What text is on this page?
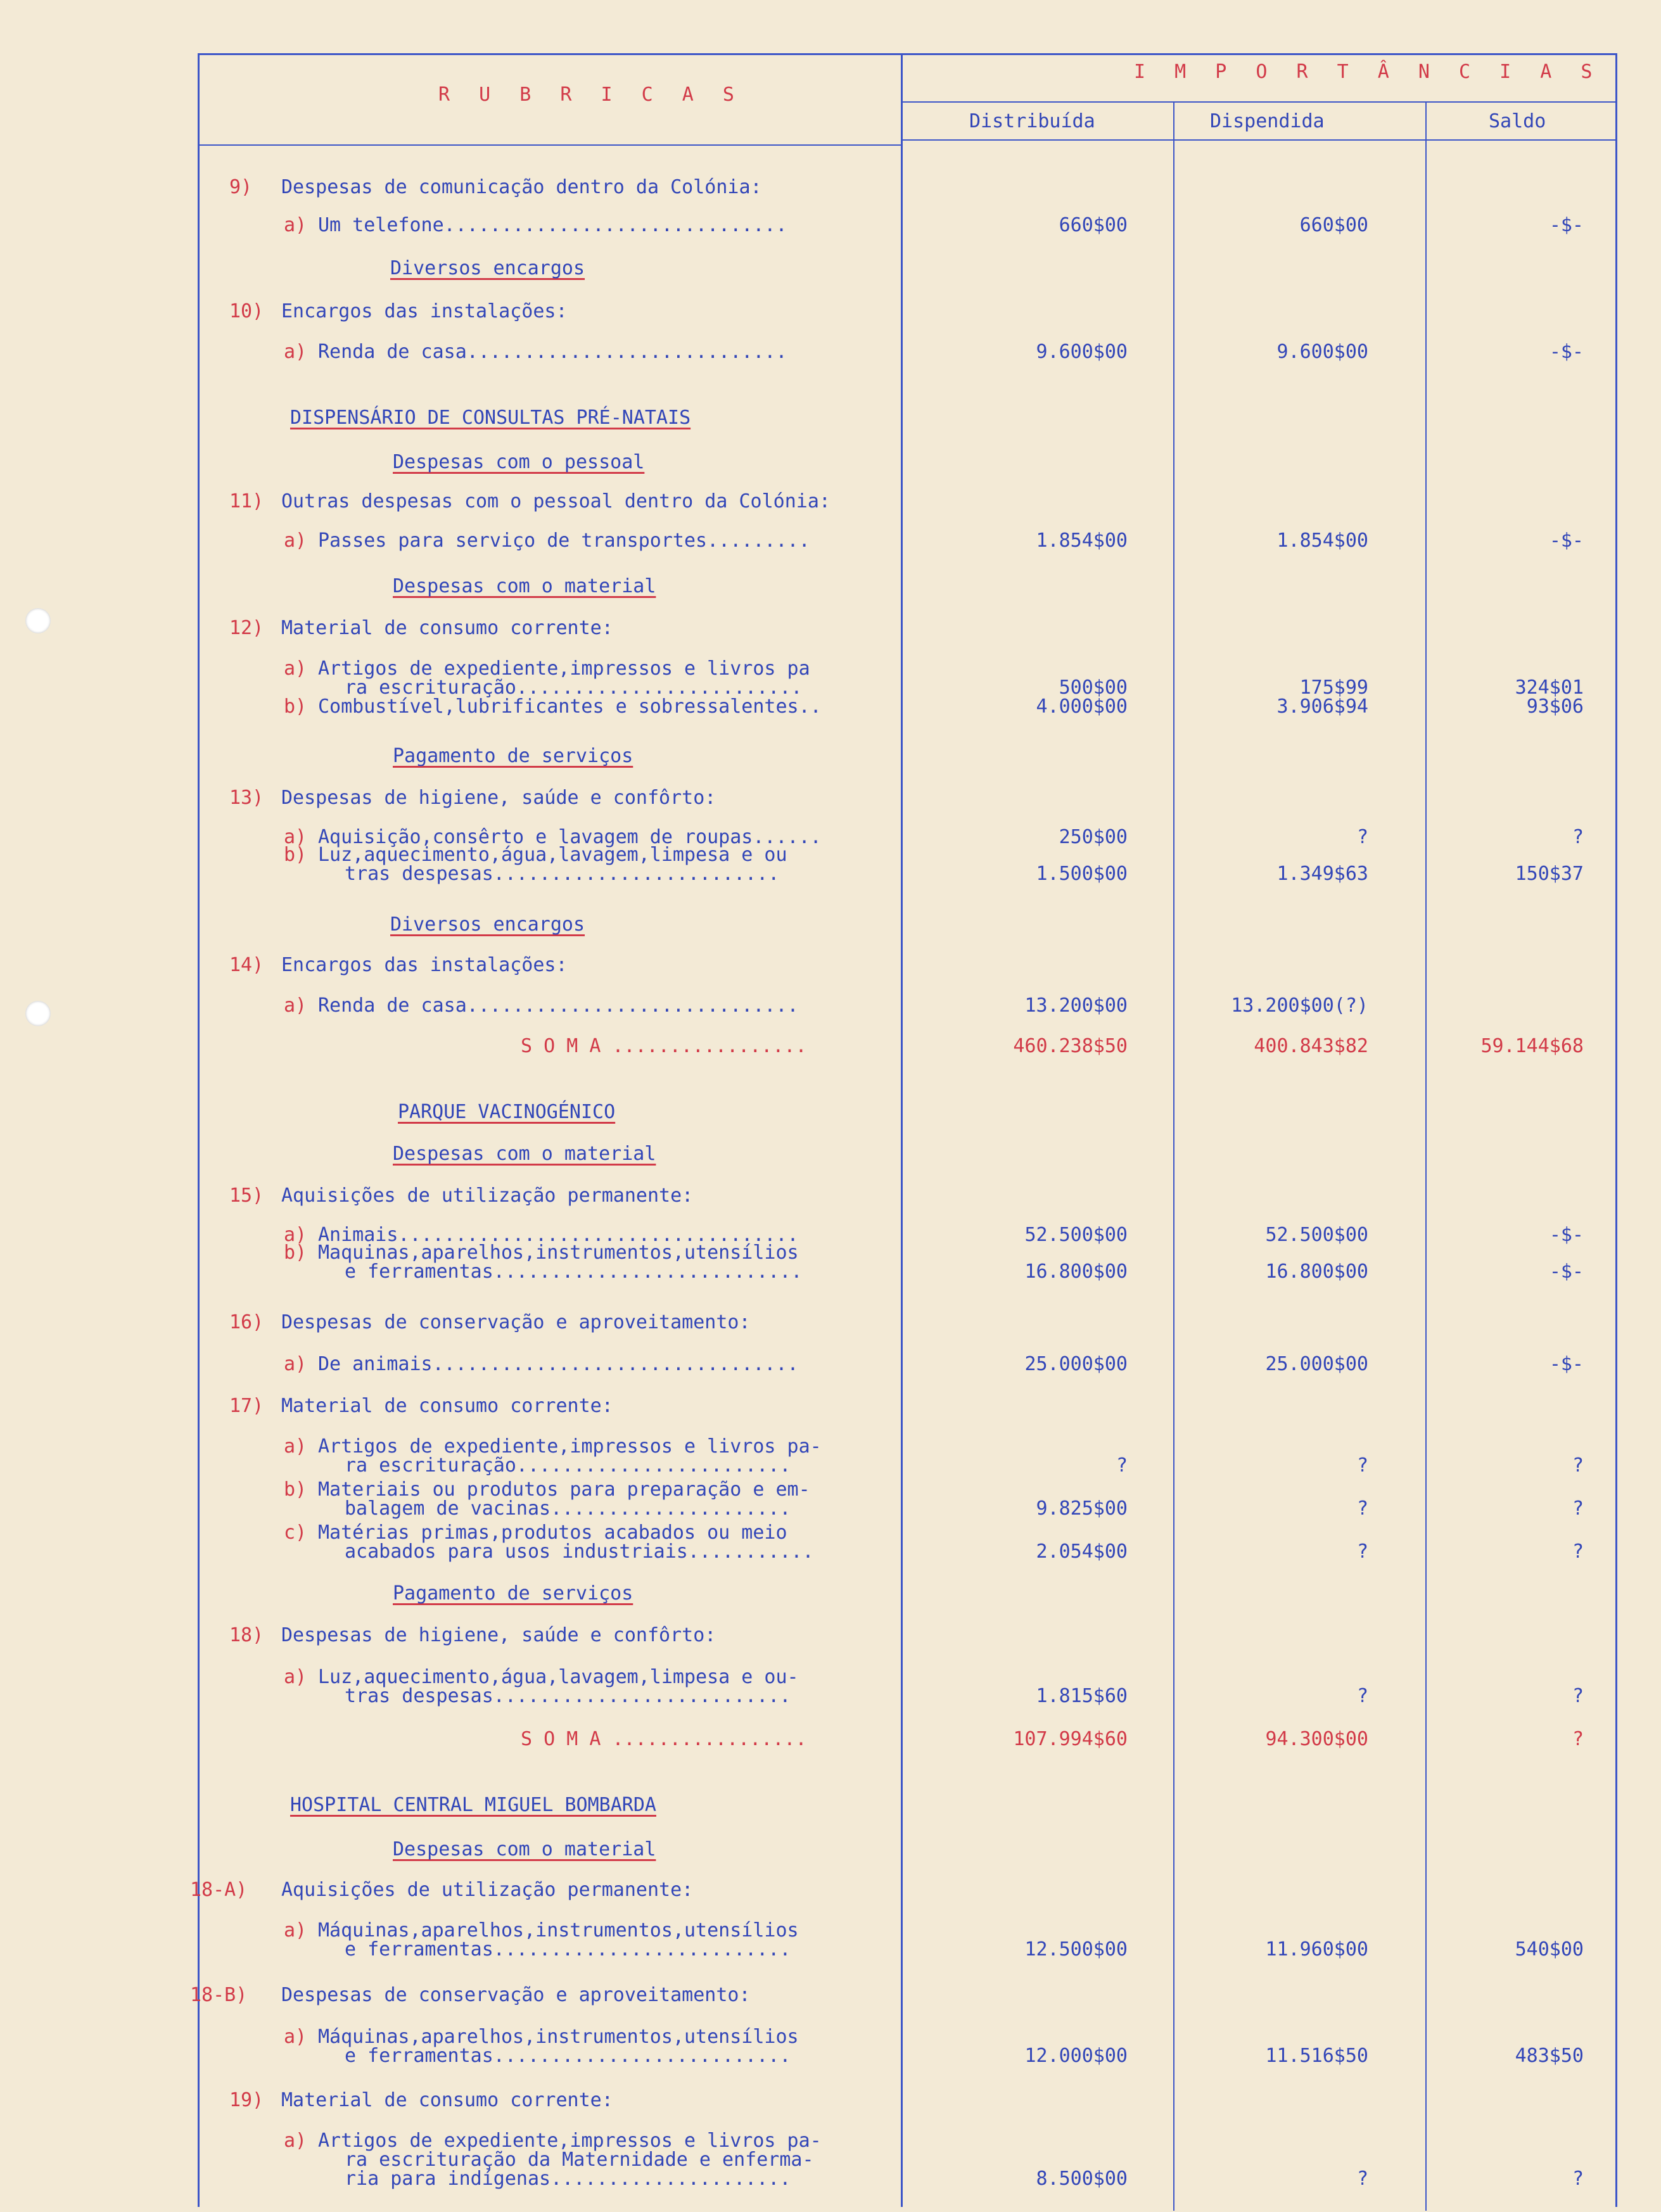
R U B R I C A S
I M P O R T Â N C I A S
Distribuída	Dispendida	Saldo
9) Despesas de comunicação dentro da Colónia:
a) Um telefone..............................	660$00	660$00	-$-
Diversos encargos
10) Encargos das instalações:
a) Renda de casa............................	9.600$00	9.600$00	-$-
DISPENSÁRIO DE CONSULTAS PRÉ-NATAIS
Despesas com o pessoal
11) Outras despesas com o pessoal dentro da Colónia:
a) Passes para serviço de transportes.........	1.854$00	1.854$00	-$-
Despesas com o material
12) Material de consumo corrente:
a) Artigos de expediente,impressos e livros pa
ra escrituração.........................	500$00	175$99	324$01
b) Combustível,lubrificantes e sobressalentes..	4.000$00	3.906$94	93$06
Pagamento de serviços
13) Despesas de higiene, saúde e confôrto:
a) Aquisição,consêrto e lavagem de roupas......	250$00	?	?
b) Luz,aquecimento,água,lavagem,limpesa e ou
tras despesas.........................	1.500$00	1.349$63	150$37
Diversos encargos
14) Encargos das instalações:
a) Renda de casa.............................	13.200$00	13.200$00(?)
S O M A .................	460.238$50	400.843$82	59.144$68
PARQUE VACINOGÉNICO
Despesas com o material
15) Aquisições de utilização permanente:
a) Animais...................................	52.500$00	52.500$00	-$-
b) Maquinas,aparelhos,instrumentos,utensílios
e ferramentas...........................	16.800$00	16.800$00	-$-
16) Despesas de conservação e aproveitamento:
a) De animais................................	25.000$00	25.000$00	-$-
17) Material de consumo corrente:
a) Artigos de expediente,impressos e livros pa-
ra escrituração........................	?	?	?
b) Materiais ou produtos para preparação e em-
balagem de vacinas.....................	9.825$00	?	?
c) Matérias primas,produtos acabados ou meio
acabados para usos industriais...........	2.054$00	?	?
Pagamento de serviços
18) Despesas de higiene, saúde e confôrto:
a) Luz,aquecimento,água,lavagem,limpesa e ou-
tras despesas..........................	1.815$60	?	?
S O M A .................	107.994$60	94.300$00	?
HOSPITAL CENTRAL MIGUEL BOMBARDA
Despesas com o material
18-A) Aquisições de utilização permanente:
a) Máquinas,aparelhos,instrumentos,utensílios
e ferramentas..........................	12.500$00	11.960$00	540$00
18-B) Despesas de conservação e aproveitamento:
a) Máquinas,aparelhos,instrumentos,utensílios
e ferramentas..........................	12.000$00	11.516$50	483$50
19) Material de consumo corrente:
a) Artigos de expediente,impressos e livros pa-
ra escrituração da Maternidade e enferma-
ria para indígenas.....................	8.500$00	?	?
